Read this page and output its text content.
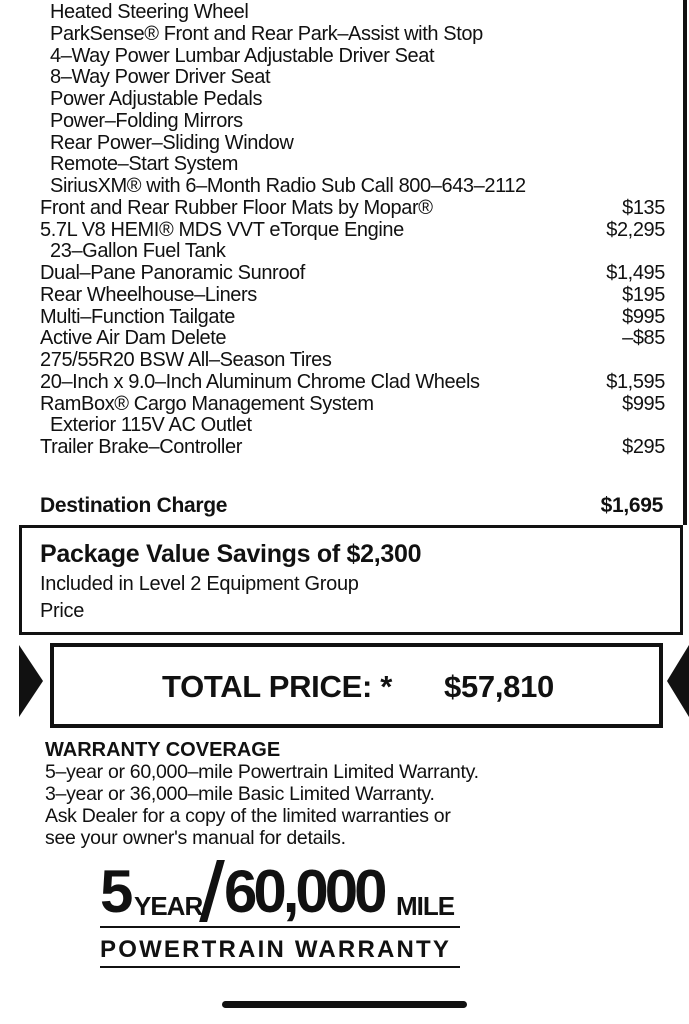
Heated Steering Wheel
ParkSense® Front and Rear Park–Assist with Stop
4–Way Power Lumbar Adjustable Driver Seat
8–Way Power Driver Seat
Power Adjustable Pedals
Power–Folding Mirrors
Rear Power–Sliding Window
Remote–Start System
SiriusXM® with 6–Month Radio Sub Call 800–643–2112
Front and Rear Rubber Floor Mats by Mopar®	$135
5.7L V8 HEMI® MDS VVT eTorque Engine	$2,295
23–Gallon Fuel Tank
Dual–Pane Panoramic Sunroof	$1,495
Rear Wheelhouse–Liners	$195
Multi–Function Tailgate	$995
Active Air Dam Delete	–$85
275/55R20 BSW All–Season Tires
20–Inch x 9.0–Inch Aluminum Chrome Clad Wheels	$1,595
RamBox® Cargo Management System	$995
Exterior 115V AC Outlet
Trailer Brake–Controller	$295
Destination Charge	$1,695
Package Value Savings of $2,300
Included in Level 2 Equipment Group
Price
TOTAL PRICE: * $57,810
WARRANTY COVERAGE
5–year or 60,000–mile Powertrain Limited Warranty.
3–year or 36,000–mile Basic Limited Warranty.
Ask Dealer for a copy of the limited warranties or
see your owner's manual for details.
5 YEAR 60,000 MILE
POWERTRAIN WARRANTY
